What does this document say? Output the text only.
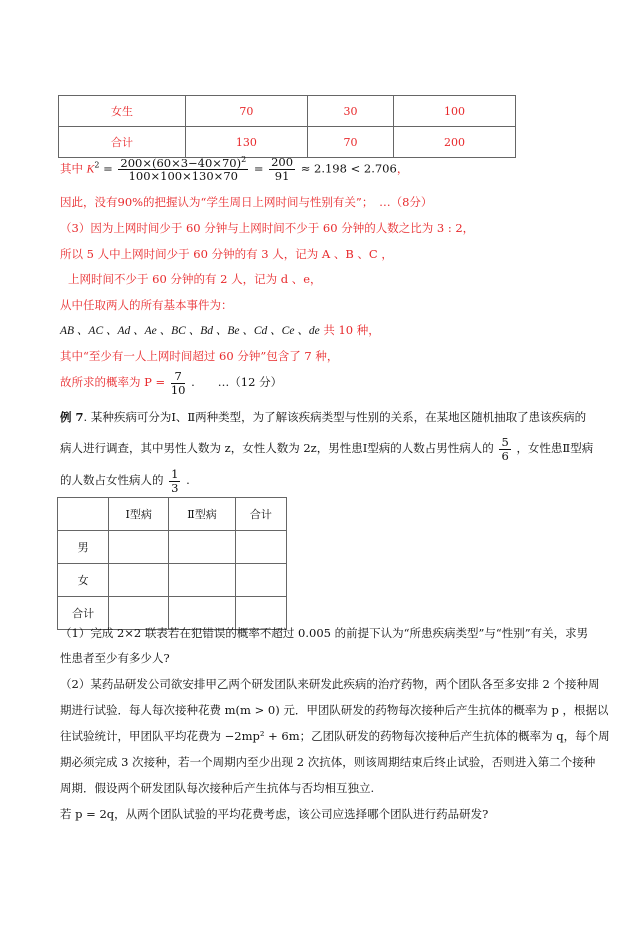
女生	70	30	100
合计	130	70	200
其中 $K^2 = \frac{200\times(60\times 3-40\times 70)^2}{100\times 100\times 130\times 70} = \frac{200}{91} \approx 2.198 < 2.706$，
因此，没有90%的把握认为“学生周日上网时间与性别有关”；　…（8分）
（3）因为上网时间少于 60 分钟与上网时间不少于 60 分钟的人数之比为 3 : 2，
所以 5 人中上网时间少于 60 分钟的有 3 人，记为 A 、B 、C ，
上网时间不少于 60 分钟的有 2 人，记为 d 、e，
从中任取两人的所有基本事件为：
AB 、AC 、Ad 、Ae 、BC 、Bd 、Be 、Cd 、Ce 、de 共 10 种，
其中“至少有一人上网时间超过 60 分钟”包含了 7 种，
故所求的概率为 $P = \frac{7}{10}$ .　　…（12 分）
例 7. 某种疾病可分为Ⅰ、Ⅱ两种类型，为了解该疾病类型与性别的关系，在某地区随机抽取了患该疾病的
病人进行调查，其中男性人数为 z，女性人数为 2z，男性患Ⅰ型病的人数占男性病人的 $\frac{5}{6}$ ，女性患Ⅱ型病
的人数占女性病人的 $\frac{1}{3}$ .
	Ⅰ型病	Ⅱ型病	合计
男			
女			
合计			
（1）完成 2×2 联表若在犯错误的概率不超过 0.005 的前提下认为“所患疾病类型”与“性别”有关，求男
性患者至少有多少人?
（2）某药品研发公司欲安排甲乙两个研发团队来研发此疾病的治疗药物，两个团队各至多安排 2 个接种周
期进行试验．每人每次接种花费 m(m > 0) 元．甲团队研发的药物每次接种后产生抗体的概率为 p ，根据以
往试验统计，甲团队平均花费为 −2mp² + 6m；乙团队研发的药物每次接种后产生抗体的概率为 q，每个周
期必须完成 3 次接种，若一个周期内至少出现 2 次抗体，则该周期结束后终止试验，否则进入第二个接种
周期．假设两个研发团队每次接种后产生抗体与否均相互独立.
若 p = 2q，从两个团队试验的平均花费考虑，该公司应选择哪个团队进行药品研发?
